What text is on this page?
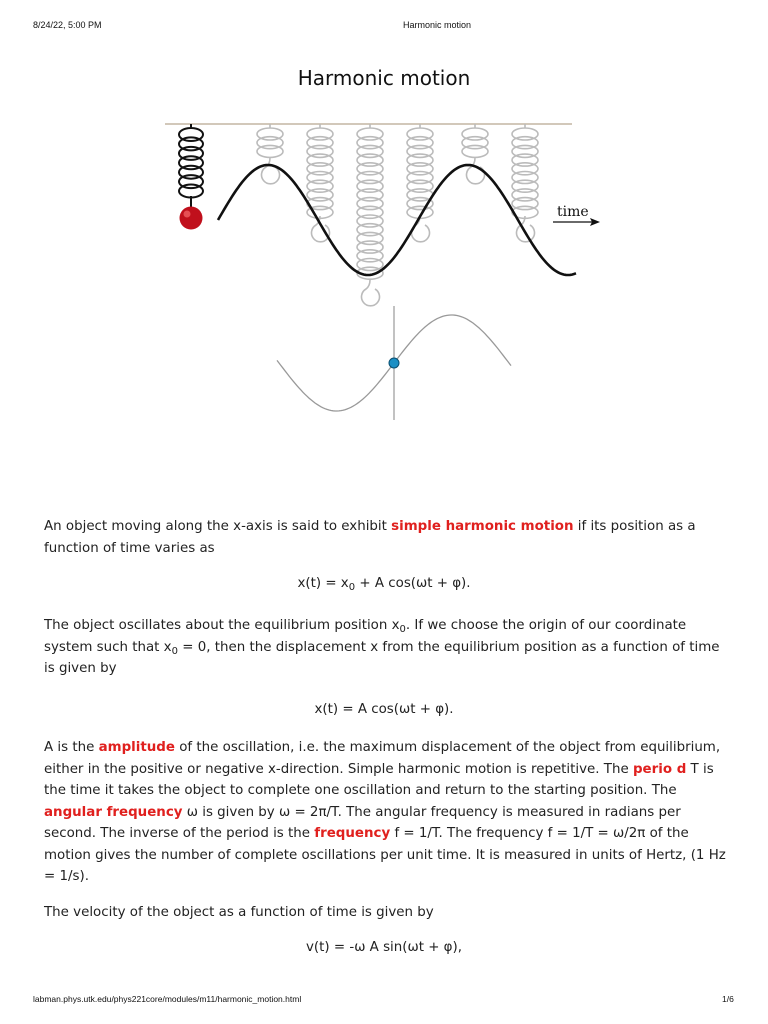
8/24/22, 5:00 PM	Harmonic motion
Harmonic motion
time

An object moving along the x-axis is said to exhibit simple harmonic motion if its position as a function of time varies as

$x(t) = x_0 + A$ cos(ωt + φ).

The object oscillates about the equilibrium position $x_0$. If we choose the origin of our coordinate system such that $x_0 = 0$, then the displacement x from the equilibrium position as a function of time is given by

x(t) = A cos(ωt + φ).

A is the amplitude of the oscillation, i.e. the maximum displacement of the object from equilibrium, either in the positive or negative x-direction. Simple harmonic motion is repetitive. The perio d T is the time it takes the object to complete one oscillation and return to the starting position. The angular frequency ω is given by ω = 2π/T. The angular frequency is measured in radians per second. The inverse of the period is the frequency f = 1/T. The frequency f = 1/T = ω/2π of the motion gives the number of complete oscillations per unit time. It is measured in units of Hertz, (1 Hz = 1/s).

The velocity of the object as a function of time is given by

v(t) = -ω A sin(ωt + φ),

labman.phys.utk.edu/phys221core/modules/m11/harmonic_motion.html	1/6
